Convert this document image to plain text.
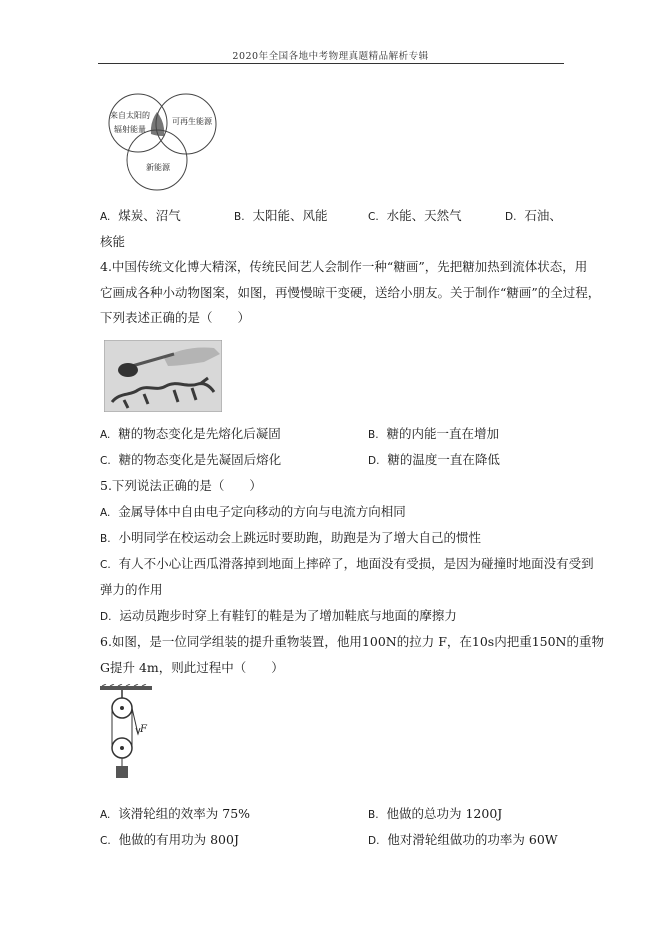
2020年全国各地中考物理真题精品解析专辑
来自太阳的
辐射能量
可再生能源
新能源
A. 煤炭、沼气	B. 太阳能、风能	C. 水能、天然气	D. 石油、
核能
4.中国传统文化博大精深，传统民间艺人会制作一种“糖画”，先把糖加热到流体状态，用
它画成各种小动物图案，如图，再慢慢晾干变硬，送给小朋友。关于制作“糖画”的全过程，
下列表述正确的是（　　）
A. 糖的物态变化是先熔化后凝固	B. 糖的内能一直在增加
C. 糖的物态变化是先凝固后熔化	D. 糖的温度一直在降低
5.下列说法正确的是（　　）
A. 金属导体中自由电子定向移动的方向与电流方向相同
B. 小明同学在校运动会上跳远时要助跑，助跑是为了增大自己的惯性
C. 有人不小心让西瓜滑落掉到地面上摔碎了，地面没有受损，是因为碰撞时地面没有受到
弹力的作用
D. 运动员跑步时穿上有鞋钉的鞋是为了增加鞋底与地面的摩擦力
6.如图，是一位同学组装的提升重物装置，他用100N的拉力 F，在10s内把重150N的重物
G提升 4m，则此过程中（　　）
F
A. 该滑轮组的效率为 75%	B. 他做的总功为 1200J
C. 他做的有用功为 800J	D. 他对滑轮组做功的功率为 60W
